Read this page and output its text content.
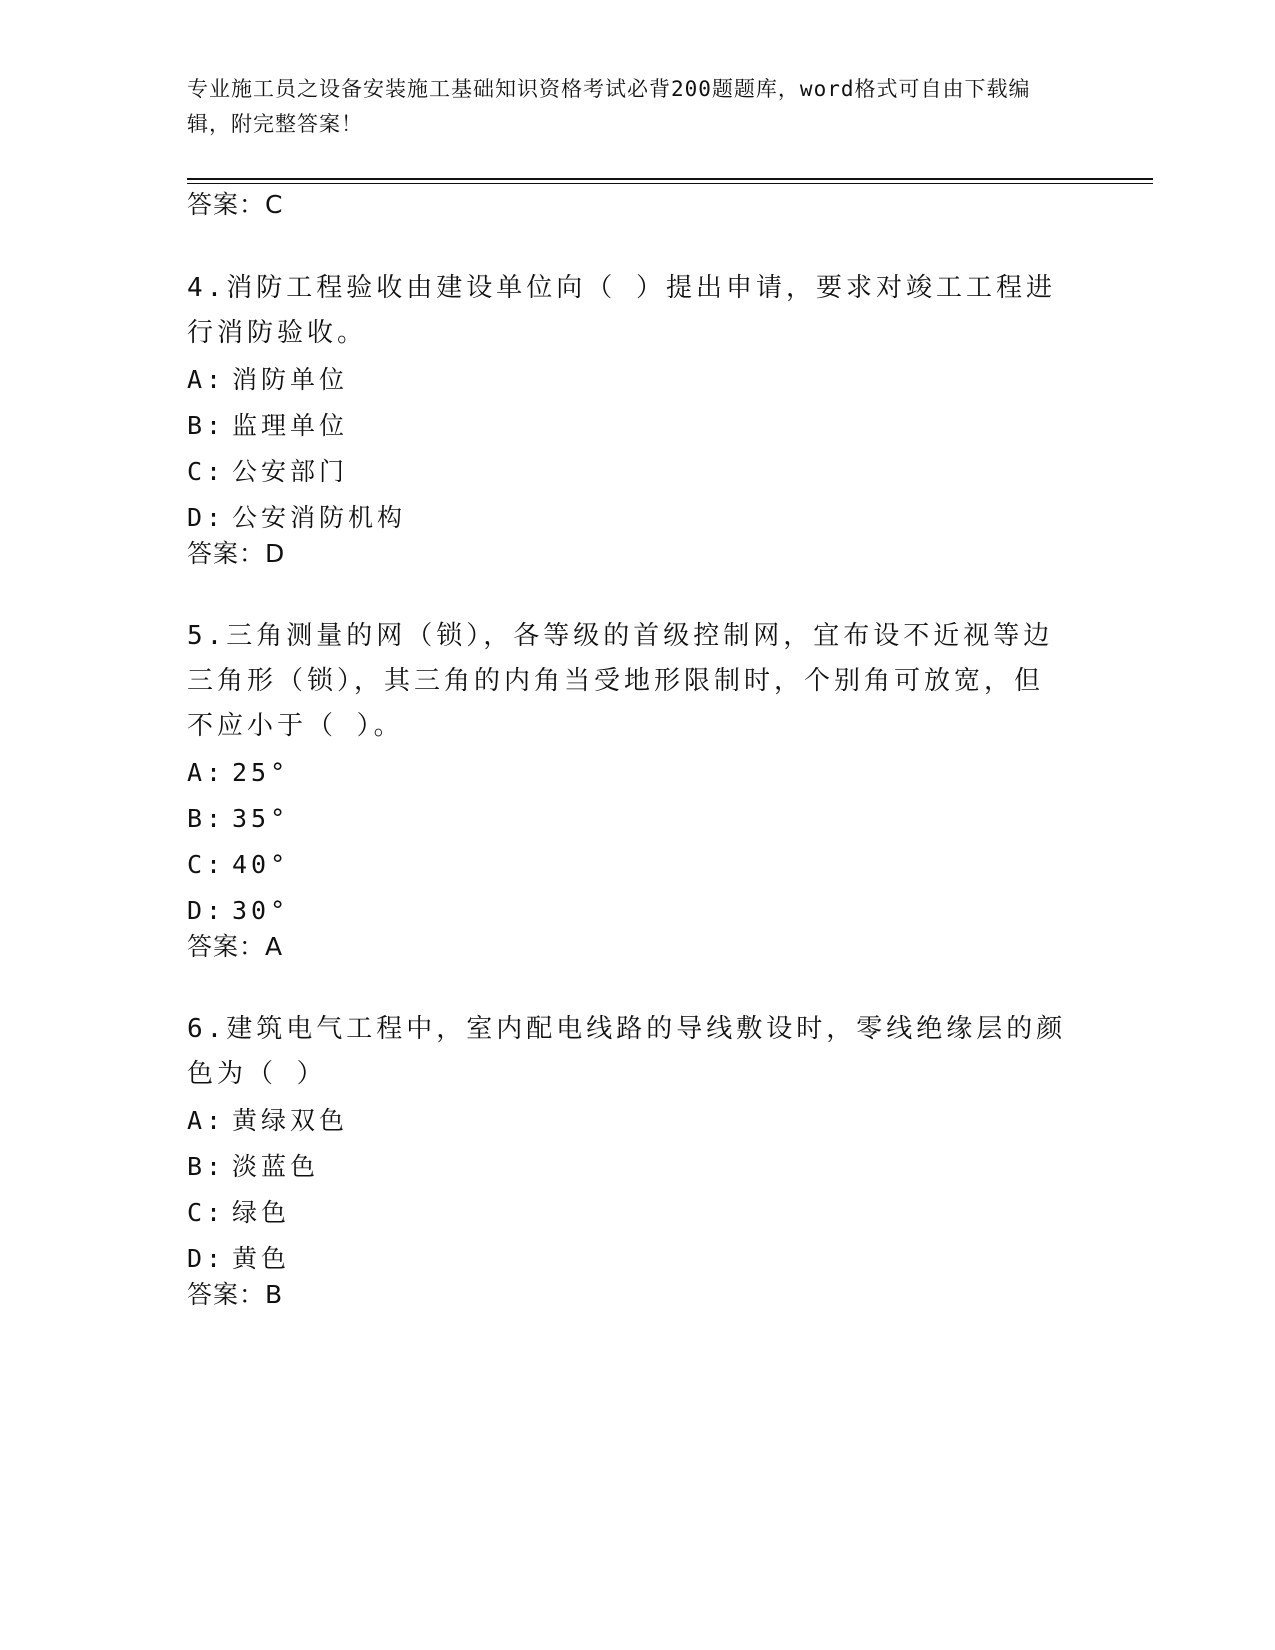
专业施工员之设备安装施工基础知识资格考试必背200题题库，word格式可自由下载编辑，附完整答案！
答案：C
4.消防工程验收由建设单位向（ ）提出申请，要求对竣工工程进行消防验收。
A: 消防单位
B: 监理单位
C: 公安部门
D: 公安消防机构
答案：D
5.三角测量的网（锁），各等级的首级控制网，宜布设不近视等边三角形（锁），其三角的内角当受地形限制时，个别角可放宽，但不应小于（ ）。
A: 25°
B: 35°
C: 40°
D: 30°
答案：A
6.建筑电气工程中，室内配电线路的导线敷设时，零线绝缘层的颜色为（ ）
A: 黄绿双色
B: 淡蓝色
C: 绿色
D: 黄色
答案：B
